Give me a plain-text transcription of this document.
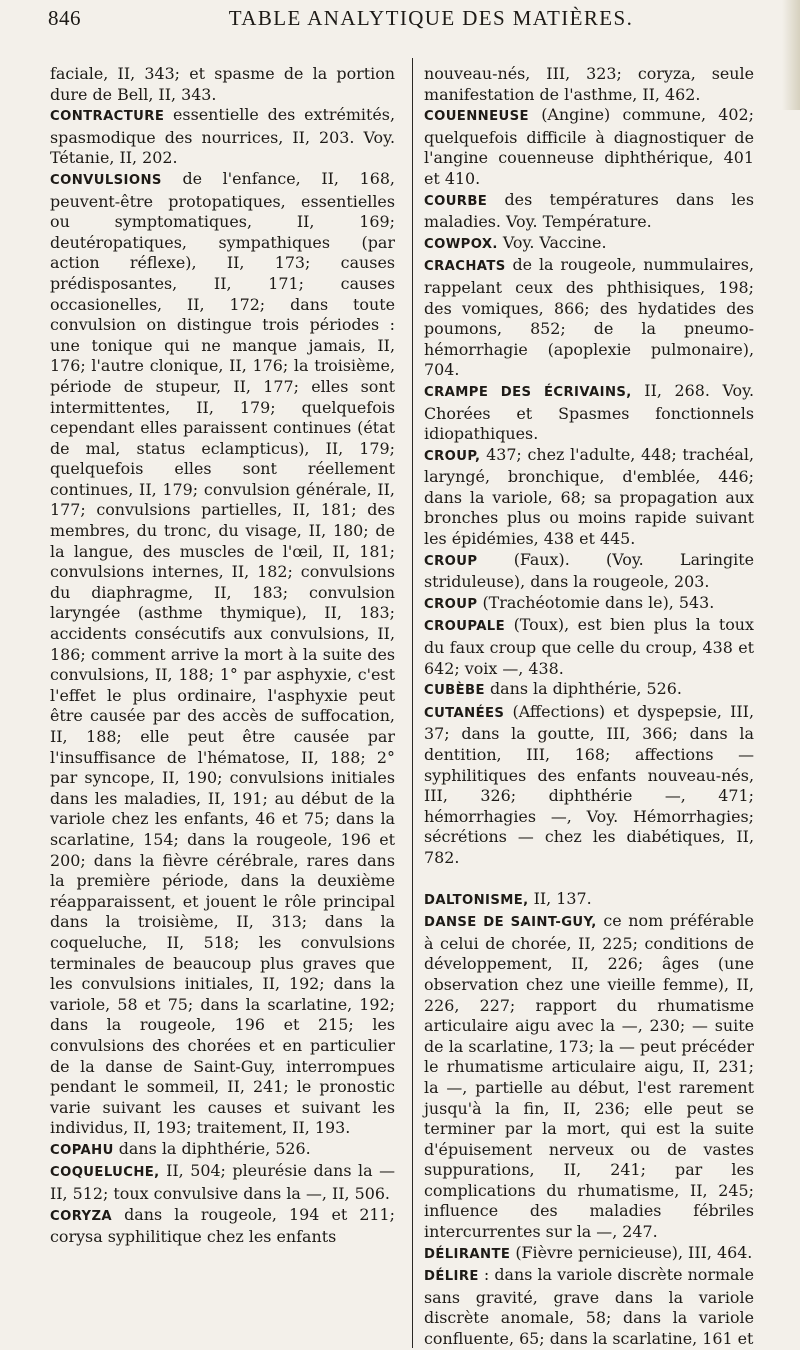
846	TABLE ANALYTIQUE DES MATIÈRES.

faciale, II, 343; et spasme de la portion dure de Bell, II, 343.

CONTRACTURE essentielle des extrémités, spasmodique des nourrices, II, 203. Voy. Tétanie, II, 202.

CONVULSIONS de l'enfance, II, 168, peuvent-être protopatiques, essentielles ou symptomatiques, II, 169; deutéropatiques, sympathiques (par action réflexe), II, 173; causes prédisposantes, II, 171; causes occasionelles, II, 172; dans toute convulsion on distingue trois périodes : une tonique qui ne manque jamais, II, 176; l'autre clonique, II, 176; la troisième, période de stupeur, II, 177; elles sont intermittentes, II, 179; quelquefois cependant elles paraissent continues (état de mal, status eclampticus), II, 179; quelquefois elles sont réellement continues, II, 179; convulsion générale, II, 177; convulsions partielles, II, 181; des membres, du tronc, du visage, II, 180; de la langue, des muscles de l'œil, II, 181; convulsions internes, II, 182; convulsions du diaphragme, II, 183; convulsion laryngée (asthme thymique), II, 183; accidents consécutifs aux convulsions, II, 186; comment arrive la mort à la suite des convulsions, II, 188; 1° par asphyxie, c'est l'effet le plus ordinaire, l'asphyxie peut être causée par des accès de suffocation, II, 188; elle peut être causée par l'insuffisance de l'hématose, II, 188; 2° par syncope, II, 190; convulsions initiales dans les maladies, II, 191; au début de la variole chez les enfants, 46 et 75; dans la scarlatine, 154; dans la rougeole, 196 et 200; dans la fièvre cérébrale, rares dans la première période, dans la deuxième réapparaissent, et jouent le rôle principal dans la troisième, II, 313; dans la coqueluche, II, 518; les convulsions terminales de beaucoup plus graves que les convulsions initiales, II, 192; dans la variole, 58 et 75; dans la scarlatine, 192; dans la rougeole, 196 et 215; les convulsions des chorées et en particulier de la danse de Saint-Guy, interrompues pendant le sommeil, II, 241; le pronostic varie suivant les causes et suivant les individus, II, 193; traitement, II, 193.

COPAHU dans la diphthérie, 526.

COQUELUCHE, II, 504; pleurésie dans la — II, 512; toux convulsive dans la —, II, 506.

CORYZA dans la rougeole, 194 et 211; corysa syphilitique chez les enfants

nouveau-nés, III, 323; coryza, seule manifestation de l'asthme, II, 462.

COUENNEUSE (Angine) commune, 402; quelquefois difficile à diagnostiquer de l'angine couenneuse diphthérique, 401 et 410.

COURBE des températures dans les maladies. Voy. Température.

COWPOX. Voy. Vaccine.

CRACHATS de la rougeole, nummulaires, rappelant ceux des phthisiques, 198; des vomiques, 866; des hydatides des poumons, 852; de la pneumo-hémorrhagie (apoplexie pulmonaire), 704.

CRAMPE DES ÉCRIVAINS, II, 268. Voy. Chorées et Spasmes fonctionnels idiopathiques.

CROUP, 437; chez l'adulte, 448; trachéal, laryngé, bronchique, d'emblée, 446; dans la variole, 68; sa propagation aux bronches plus ou moins rapide suivant les épidémies, 438 et 445.

CROUP (Faux). (Voy. Laringite striduleuse), dans la rougeole, 203.

CROUP (Trachéotomie dans le), 543.

CROUPALE (Toux), est bien plus la toux du faux croup que celle du croup, 438 et 642; voix —, 438.

CUBÈBE dans la diphthérie, 526.

CUTANÉES (Affections) et dyspepsie, III, 37; dans la goutte, III, 366; dans la dentition, III, 168; affections — syphilitiques des enfants nouveau-nés, III, 326; diphthérie —, 471; hémorrhagies —, Voy. Hémorrhagies; sécrétions — chez les diabétiques, II, 782.

DALTONISME, II, 137.

DANSE DE SAINT-GUY, ce nom préférable à celui de chorée, II, 225; conditions de développement, II, 226; âges (une observation chez une vieille femme), II, 226, 227; rapport du rhumatisme articulaire aigu avec la —, 230; — suite de la scarlatine, 173; la — peut précéder le rhumatisme articulaire aigu, II, 231; la —, partielle au début, l'est rarement jusqu'à la fin, II, 236; elle peut se terminer par la mort, qui est la suite d'épuisement nerveux ou de vastes suppurations, II, 241; par les complications du rhumatisme, II, 245; influence des maladies fébriles intercurrentes sur la —, 247.

DÉLIRANTE (Fièvre pernicieuse), III, 464.

DÉLIRE : dans la variole discrète normale sans gravité, grave dans la variole discrète anomale, 58; dans la variole confluente, 65; dans la scarlatine, 161 et
